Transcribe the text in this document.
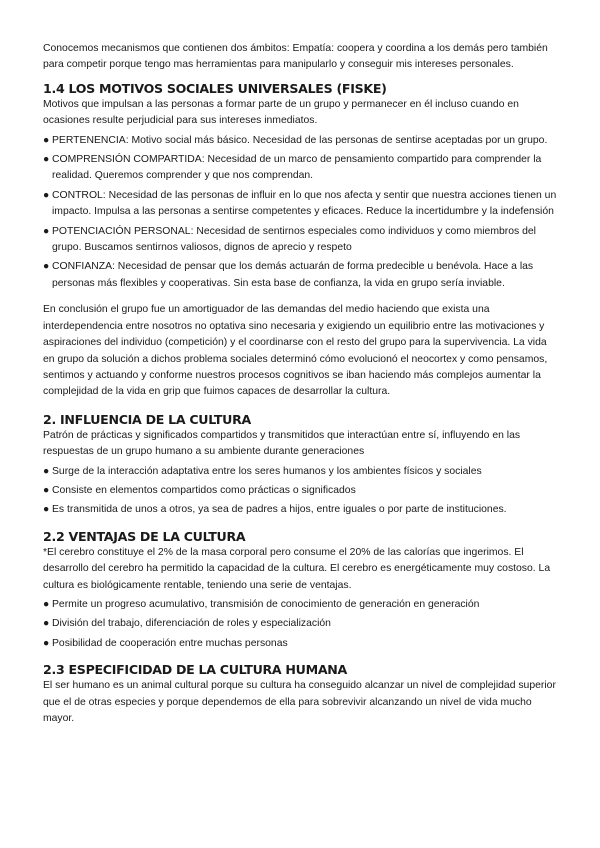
Conocemos mecanismos que contienen dos ámbitos: Empatía: coopera y coordina a los demás pero también para competir porque tengo mas herramientas para manipularlo y conseguir mis intereses personales.

1.4 LOS MOTIVOS SOCIALES UNIVERSALES (FISKE)

Motivos que impulsan a las personas a formar parte de un grupo y permanecer en él incluso cuando en ocasiones resulte perjudicial para sus intereses inmediatos.

● PERTENENCIA: Motivo social más básico. Necesidad de las personas de sentirse aceptadas por un grupo.

● COMPRENSIÓN COMPARTIDA: Necesidad de un marco de pensamiento compartido para comprender la realidad. Queremos comprender y que nos comprendan.

● CONTROL: Necesidad de las personas de influir en lo que nos afecta y sentir que nuestra acciones tienen un impacto. Impulsa a las personas a sentirse competentes y eficaces. Reduce la incertidumbre y la indefensión

● POTENCIACIÓN PERSONAL: Necesidad de sentirnos especiales como individuos y como miembros del grupo. Buscamos sentirnos valiosos, dignos de aprecio y respeto

● CONFIANZA: Necesidad de pensar que los demás actuarán de forma predecible u benévola. Hace a las personas más flexibles y cooperativas. Sin esta base de confianza, la vida en grupo sería inviable.

En conclusión el grupo fue un amortiguador de las demandas del medio haciendo que exista una interdependencia entre nosotros no optativa sino necesaria y exigiendo un equilibrio entre las motivaciones y aspiraciones del individuo (competición) y el coordinarse con el resto del grupo para la supervivencia. La vida en grupo da solución a dichos problema sociales determinó cómo evolucionó el neocortex y como pensamos, sentimos y actuando y conforme nuestros procesos cognitivos se iban haciendo más complejos aumentar la complejidad de la vida en grip que fuimos capaces de desarrollar la cultura.

2. INFLUENCIA DE LA CULTURA

Patrón de prácticas y significados compartidos y transmitidos que interactúan entre sí, influyendo en las respuestas de un grupo humano a su ambiente durante generaciones

● Surge de la interacción adaptativa entre los seres humanos y los ambientes físicos y sociales

● Consiste en elementos compartidos como prácticas o significados

● Es transmitida de unos a otros, ya sea de padres a hijos, entre iguales o por parte de instituciones.

2.2 VENTAJAS DE LA CULTURA

*El cerebro constituye el 2% de la masa corporal pero consume el 20% de las calorías que ingerimos. El desarrollo del cerebro ha permitido la capacidad de la cultura. El cerebro es energéticamente muy costoso. La cultura es biológicamente rentable, teniendo una serie de ventajas.

● Permite un progreso acumulativo, transmisión de conocimiento de generación en generación

● División del trabajo, diferenciación de roles y especialización

● Posibilidad de cooperación entre muchas personas

2.3 ESPECIFICIDAD DE LA CULTURA HUMANA

El ser humano es un animal cultural porque su cultura ha conseguido alcanzar un nivel de complejidad superior que el de otras especies y porque dependemos de ella para sobrevivir alcanzando un nivel de vida mucho mayor.
